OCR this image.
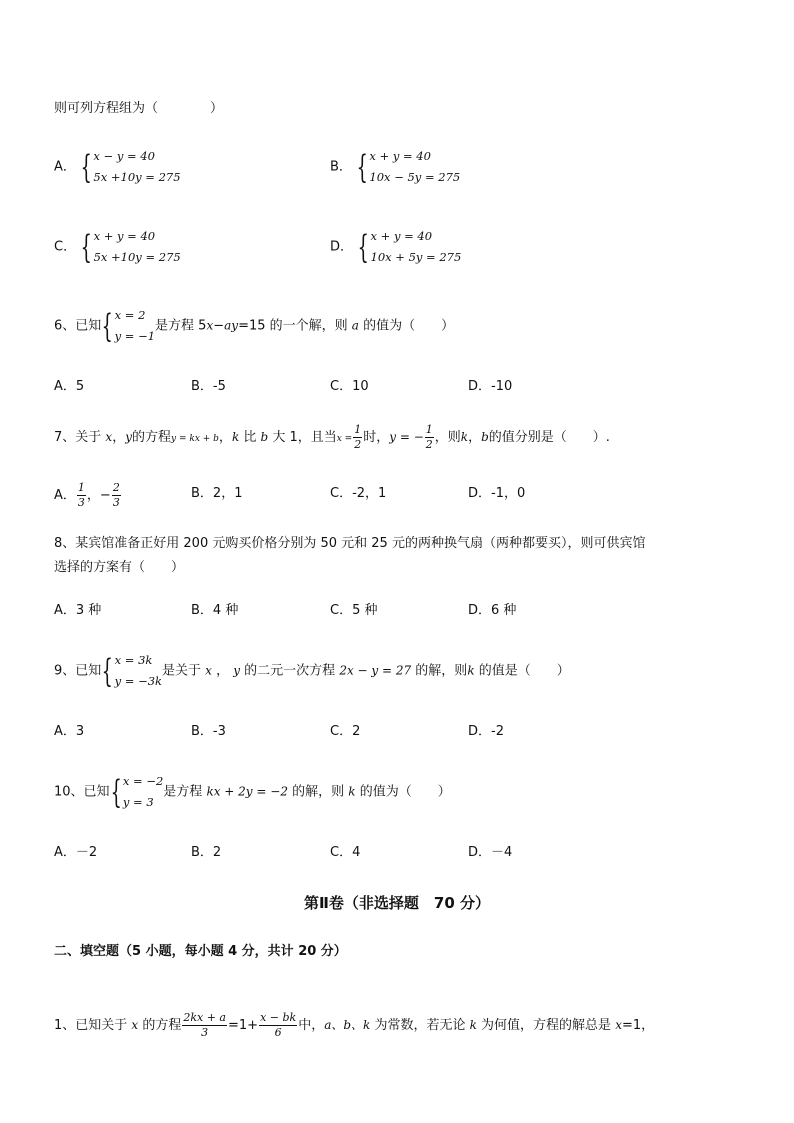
则可列方程组为（　　　　）
A． { x − y = 40
5x +10y = 275
B． { x + y = 40
10x − 5y = 275
C． { x + y = 40
5x +10y = 275
D． { x + y = 40
10x + 5y = 275
6、已知 { x = 2
y = −1
是方程 5x−ay=15 的一个解，则 a 的值为（　　）
A．5	B．-5	C．10	D．-10
7、关于 x，y的方程y = kx + b，k 比 b 大 1，且当$x = \frac{1}{2}$ 时，y = − $\frac{1}{2}$ ，则k，b的值分别是（　　）.
A． $\frac{1}{3}$ ，− $\frac{2}{3}$	B．2，1	C．-2，1	D．-1，0
8、某宾馆准备正好用 200 元购买价格分别为 50 元和 25 元的两种换气扇（两种都要买），则可供宾馆
选择的方案有（　　）
A．3 种	B．4 种	C．5 种	D．6 种
9、已知 { x = 3k
y = −3k
是关于 x ， y 的二元一次方程 2x − y = 27 的解，则k 的值是（　　）
A．3	B．-3	C．2	D．-2
10、已知 { x = −2
y = 3
是方程 kx + 2y = −2 的解，则 k 的值为（　　）
A．－2	B．2	C．4	D．－4
第Ⅱ卷（非选择题　70 分）
二、填空题（5 小题，每小题 4 分，共计 20 分）
1、已知关于 x 的方程 $\frac{2kx + a}{3} =1+ \frac{x - bk}{6}$ 中，a、b、k 为常数，若无论 k 为何值，方程的解总是 x=1，
